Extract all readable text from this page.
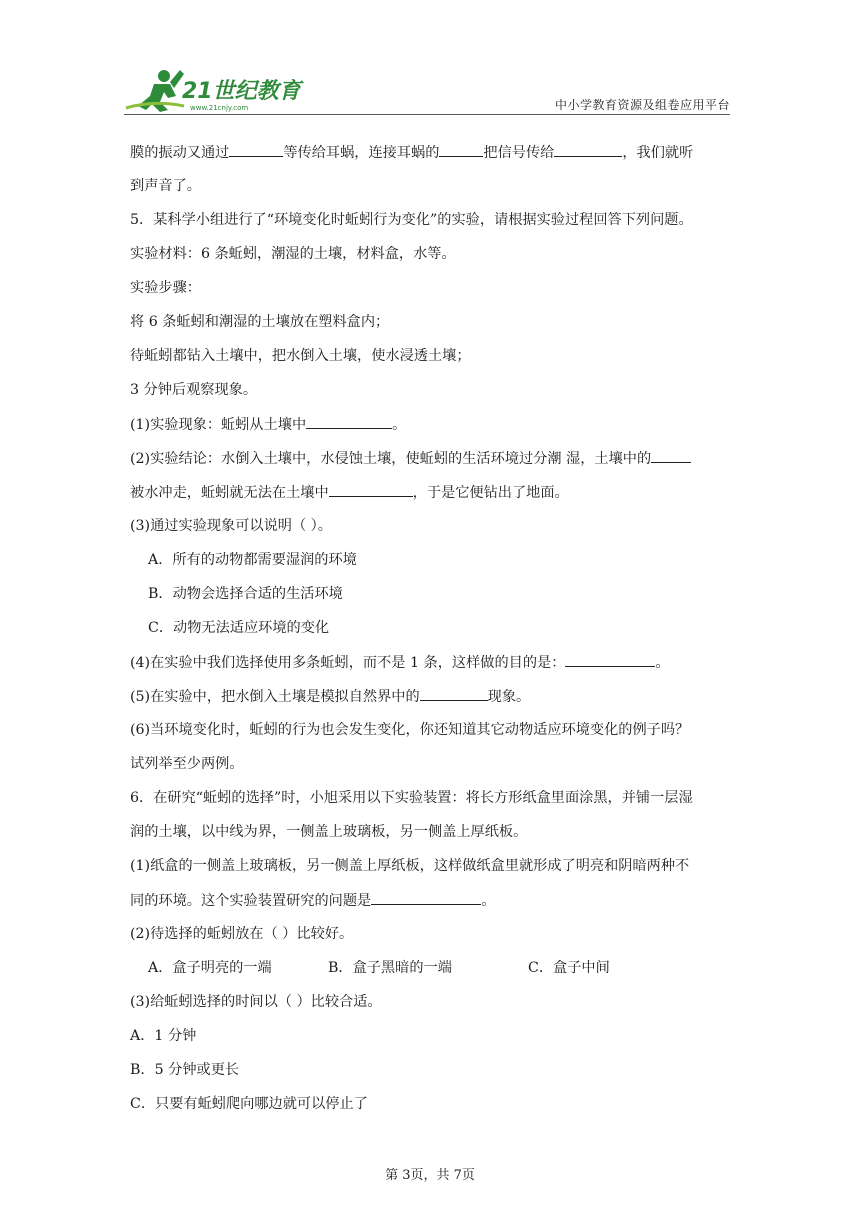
21世纪教育
www.21cnjy.com	中小学教育资源及组卷应用平台
膜的振动又通过	等传给耳蜗，连接耳蜗的	把信号传给	，我们就听
到声音了。
5．某科学小组进行了“环境变化时蚯蚓行为变化”的实验，请根据实验过程回答下列问题。
实验材料：6 条蚯蚓，潮湿的土壤，材料盒，水等。
实验步骤：
将 6 条蚯蚓和潮湿的土壤放在塑料盒内；
待蚯蚓都钻入土壤中，把水倒入土壤，使水浸透土壤；
3 分钟后观察现象。
(1)实验现象：蚯蚓从土壤中	。
(2)实验结论：水倒入土壤中，水侵蚀土壤，使蚯蚓的生活环境过分潮 湿，土壤中的
被水冲走，蚯蚓就无法在土壤中	，于是它便钻出了地面。
(3)通过实验现象可以说明（ ）。
A．所有的动物都需要湿润的环境
B．动物会选择合适的生活环境
C．动物无法适应环境的变化
(4)在实验中我们选择使用多条蚯蚓，而不是 1 条，这样做的目的是：	。
(5)在实验中，把水倒入土壤是模拟自然界中的	现象。
(6)当环境变化时，蚯蚓的行为也会发生变化，你还知道其它动物适应环境变化的例子吗？
试列举至少两例。
6．在研究“蚯蚓的选择”时，小旭采用以下实验装置：将长方形纸盒里面涂黑，并铺一层湿
润的土壤，以中线为界，一侧盖上玻璃板，另一侧盖上厚纸板。
(1)纸盒的一侧盖上玻璃板，另一侧盖上厚纸板，这样做纸盒里就形成了明亮和阴暗两种不
同的环境。这个实验装置研究的问题是	。
(2)待选择的蚯蚓放在（ ）比较好。
A．盒子明亮的一端	B．盒子黑暗的一端	C．盒子中间
(3)给蚯蚓选择的时间以（ ）比较合适。
A．1 分钟
B．5 分钟或更长
C．只要有蚯蚓爬向哪边就可以停止了
第 3页，共 7页
